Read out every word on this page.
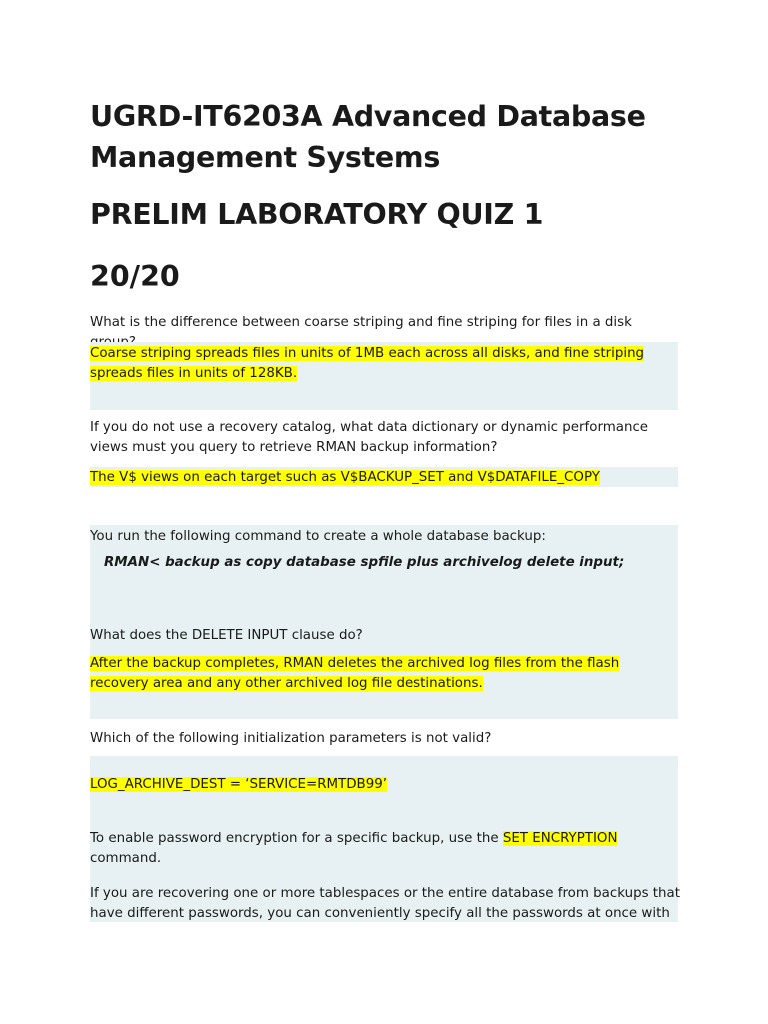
UGRD-IT6203A Advanced Database Management Systems
PRELIM LABORATORY QUIZ 1
20/20

What is the difference between coarse striping and fine striping for files in a disk

Coarse striping spreads files in units of 1MB each across all disks, and fine striping spreads files in units of 128KB.

If you do not use a recovery catalog, what data dictionary or dynamic performance views must you query to retrieve RMAN backup information?

The V$ views on each target such as V$BACKUP_SET and V$DATAFILE_COPY

You run the following command to create a whole database backup:

RMAN< backup as copy database spfile plus archivelog delete input;

What does the DELETE INPUT clause do?

After the backup completes, RMAN deletes the archived log files from the flash recovery area and any other archived log file destinations.

Which of the following initialization parameters is not valid?

LOG_ARCHIVE_DEST = ‘SERVICE=RMTDB99’

To enable password encryption for a specific backup, use the SET ENCRYPTION command.

If you are recovering one or more tablespaces or the entire database from backups that have different passwords, you can conveniently specify all the passwords at once with
